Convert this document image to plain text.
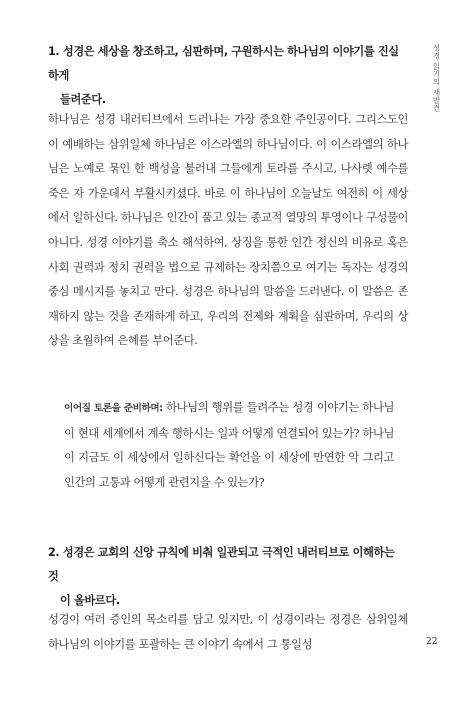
성경 읽기의 재발견
1. 성경은 세상을 창조하고, 심판하며, 구원하시는 하나님의 이야기를 진실하게
들려준다.

하나님은 성경 내러티브에서 드러나는 가장 중요한 주인공이다. 그리스도인이 예배하는 삼위일체 하나님은 이스라엘의 하나님이다. 이 이스라엘의 하나님은 노예로 묶인 한 백성을 불러내 그들에게 토라를 주시고, 나사렛 예수를 죽은 자 가운데서 부활시키셨다. 바로 이 하나님이 오늘날도 여전히 이 세상에서 일하신다. 하나님은 인간이 품고 있는 종교적 열망의 투영이나 구성물이 아니다. 성경 이야기를 축소 해석하여, 상징을 통한 인간 정신의 비유로 혹은 사회 권력과 정치 권력을 법으로 규제하는 장치쯤으로 여기는 독자는 성경의 중심 메시지를 놓치고 만다. 성경은 하나님의 말씀을 드러낸다. 이 말씀은 존재하지 않는 것을 존재하게 하고, 우리의 전제와 계획을 심판하며, 우리의 상상을 초월하여 은혜를 부어준다.

이어질 토론을 준비하며: 하나님의 행위를 들려주는 성경 이야기는 하나님이 현대 세계에서 계속 행하시는 일과 어떻게 연결되어 있는가? 하나님이 지금도 이 세상에서 일하신다는 확언을 이 세상에 만연한 악 그리고 인간의 고통과 어떻게 관련지을 수 있는가?
2. 성경은 교회의 신앙 규칙에 비춰 일관되고 극적인 내러티브로 이해하는 것
이 올바르다.

성경이 여러 증인의 목소리를 담고 있지만, 이 성경이라는 정경은 삼위일체 하나님의 이야기를 포괄하는 큰 이야기 속에서 그 통일성	22
